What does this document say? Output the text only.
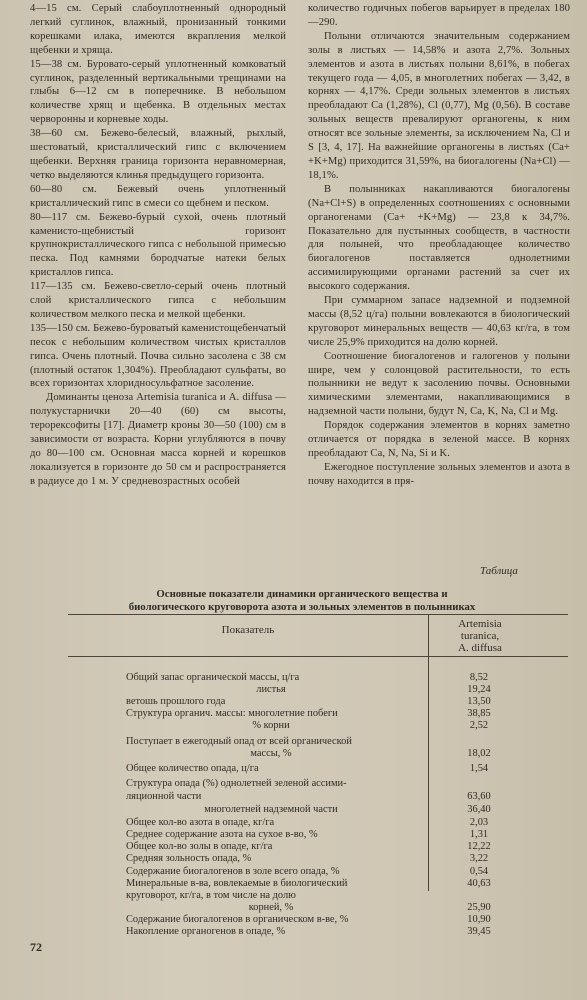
4—15 см. Серый слабоуплотненный однородный легкий суглинок, влажный, пронизанный тонкими корешками илака, имеются вкрапления мелкой щебенки и хряща.

15—38 см. Буровато-серый уплотненный комковатый суглинок, разделенный вертикальными трещинами на глыбы 6—12 см в поперечнике. В небольшом количестве хрящ и щебенка. В отдельных местах черворонны и корневые ходы.

38—60 см. Бежево-белесый, влажный, рыхлый, шестоватый, кристаллический гипс с включением щебенки. Верхняя граница горизонта неравномерная, четко выделяются клинья предыдущего горизонта.

60—80 см. Бежевый очень уплотненный кристаллический гипс в смеси со щебнем и песком.

80—117 см. Бежево-бурый сухой, очень плотный каменисто-щебнистый горизонт крупнокристаллического гипса с небольшой примесью песка. Под камнями бородчатые натеки белых кристаллов гипса.

117—135 см. Бежево-светло-серый очень плотный слой кристаллического гипса с небольшим количеством мелкого песка и мелкой щебенки.

135—150 см. Бежево-буроватый каменистощебенчатый песок с небольшим количеством чистых кристаллов гипса. Очень плотный. Почва сильно засолена с 38 см (плотный остаток 1,304%). Преобладают сульфаты, во всех горизонтах хлориднoсульфатное засоление.

Доминанты ценоза Artemisia turanica и A. diffusa — полукустарнички 20—40 (60) см высоты, терорексофиты [17]. Диаметр кроны 30—50 (100) см в зависимости от возраста. Корни углубляются в почву до 80—100 см. Основная масса корней и корешков локализуется в горизонте до 50 см и распространяется в радиусе до 1 м. У средневозрастных особей

количество годичных побегов варьирует в пределах 180—290.

Полыни отличаются значительным содержанием золы в листьях — 14,58% и азота 2,7%. Зольных элементов и азота в листьях полыни 8,61%, в побегах текущего года — 4,05, в многолетних побегах — 3,42, в корнях — 4,17%. Среди зольных элементов в листьях преобладают Ca (1,28%), Cl (0,77), Mg (0,56). В составе зольных веществ превалируют органогены, к ним относят все зольные элементы, за исключением Na, Cl и S [3, 4, 17]. На важнейшие органогены в листьях (Ca+ +K+Mg) приходится 31,59%, на биогалогены (Na+Cl) — 18,1%.

В полынниках накапливаются биогалогены (Na+Cl+S) в определенных соотношениях с основными органогенами (Ca+ +K+Mg) — 23,8 к 34,7%. Показательно для пустынных сообществ, в частности для полыней, что преобладающее количество биогалогенов поставляется однолетними ассимилирующими органами растений за счет их высокого содержания.

При суммарном запасе надземной и подземной массы (8,52 ц/га) полыни вовлекаются в биологический круговорот минеральных веществ — 40,63 кг/га, в том числе 25,9% приходится на долю корней.

Соотношение биогалогенов и галогенов у полыни шире, чем у солонцовой растительности, то есть полынники не ведут к засолению почвы. Основными химическими элементами, накапливающимися в надземной части полыни, будут N, Ca, K, Na, Cl и Mg.

Порядок содержания элементов в корнях заметно отличается от порядка в зеленой массе. В корнях преобладают Ca, N, Na, Si и K.

Ежегодное поступление зольных элементов и азота в почву находится в пря-

Таблица
Основные показатели динамики органического вещества и
биологического круговорота азота и зольных элементов в полынниках
Показатель	Artemisia
turanica,
A. diffusa
Общий запас органической массы, ц/га	8,52
листья	19,24
ветошь прошлого года	13,50
Структура органич. массы: многолетние побеги	38,85
% корни	2,52
Поступает в ежегодный опад от всей органической
массы, %	18,02
Общее количество опада, ц/га	1,54
Структура опада (%) однолетней зеленой ассими-
ляционной части	63,60
многолетней надземной части	36,40
Общее кол-во азота в опаде, кг/га	2,03
Среднее содержание азота на сухое в-во, %	1,31
Общее кол-во золы в опаде, кг/га	12,22
Средняя зольность опада, %	3,22
Содержание биогалогенов в золе всего опада, %	0,54
Минеральные в-ва, вовлекаемые в биологический	40,63
круговорот, кг/га, в том числе на долю
корней, %	25,90
Содержание биогалогенов в органическом в-ве, %	10,90
Накопление органогенов в опаде, %	39,45
72
